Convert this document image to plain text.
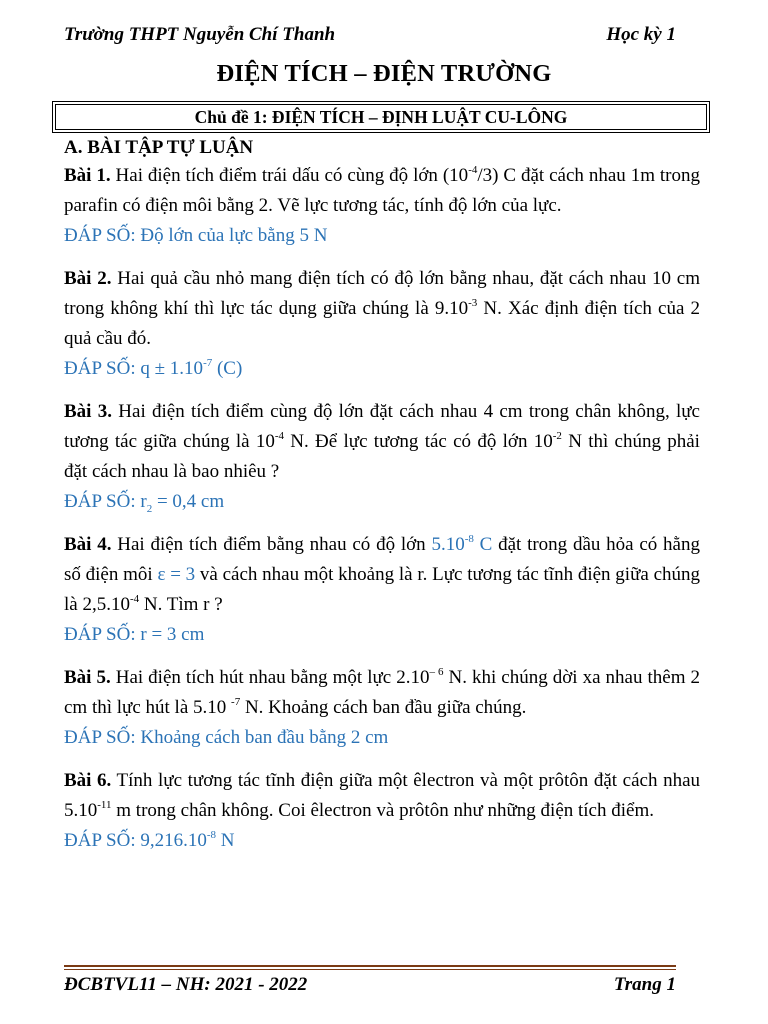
Trường THPT Nguyễn Chí Thanh	Học kỳ 1
ĐIỆN TÍCH – ĐIỆN TRƯỜNG
Chủ đề 1: ĐIỆN TÍCH – ĐỊNH LUẬT CU-LÔNG
A. BÀI TẬP TỰ LUẬN

Bài 1. Hai điện tích điểm trái dấu có cùng độ lớn $(10^{-4}/3)$ C đặt cách nhau 1m trong parafin có điện môi bằng 2. Vẽ lực tương tác, tính độ lớn của lực.

ĐÁP SỐ: Độ lớn của lực bằng 5 N

Bài 2. Hai quả cầu nhỏ mang điện tích có độ lớn bằng nhau, đặt cách nhau 10 cm trong không khí thì lực tác dụng giữa chúng là $9.10^{-3}$ N. Xác định điện tích của 2 quả cầu đó.

ĐÁP SỐ: $q \pm 1.10^{-7}$ (C)

Bài 3. Hai điện tích điểm cùng độ lớn đặt cách nhau 4 cm trong chân không, lực tương tác giữa chúng là $10^{-4}$ N. Để lực tương tác có độ lớn $10^{-2}$ N thì chúng phải đặt cách nhau là bao nhiêu ?

ĐÁP SỐ: $r_2 = 0,4$ cm

Bài 4. Hai điện tích điểm bằng nhau có độ lớn $5.10^{-8}$ C đặt trong dầu hỏa có hằng số điện môi ε = 3 và cách nhau một khoảng là r. Lực tương tác tĩnh điện giữa chúng là $2,5.10^{-4}$ N. Tìm r ?

ĐÁP SỐ: r = 3 cm

Bài 5. Hai điện tích hút nhau bằng một lực $2.10^{- 6}$ N. khi chúng dời xa nhau thêm 2 cm thì lực hút là 5.10 $^{-7}$ N. Khoảng cách ban đầu giữa chúng.

ĐÁP SỐ: Khoảng cách ban đầu bằng 2 cm

Bài 6. Tính lực tương tác tĩnh điện giữa một êlectron và một prôtôn đặt cách nhau $5.10^{-11}$ m trong chân không. Coi êlectron và prôtôn như những điện tích điểm.

ĐÁP SỐ: $9,216.10^{-8}$ N
ĐCBTVL11 – NH: 2021 - 2022	Trang 1
